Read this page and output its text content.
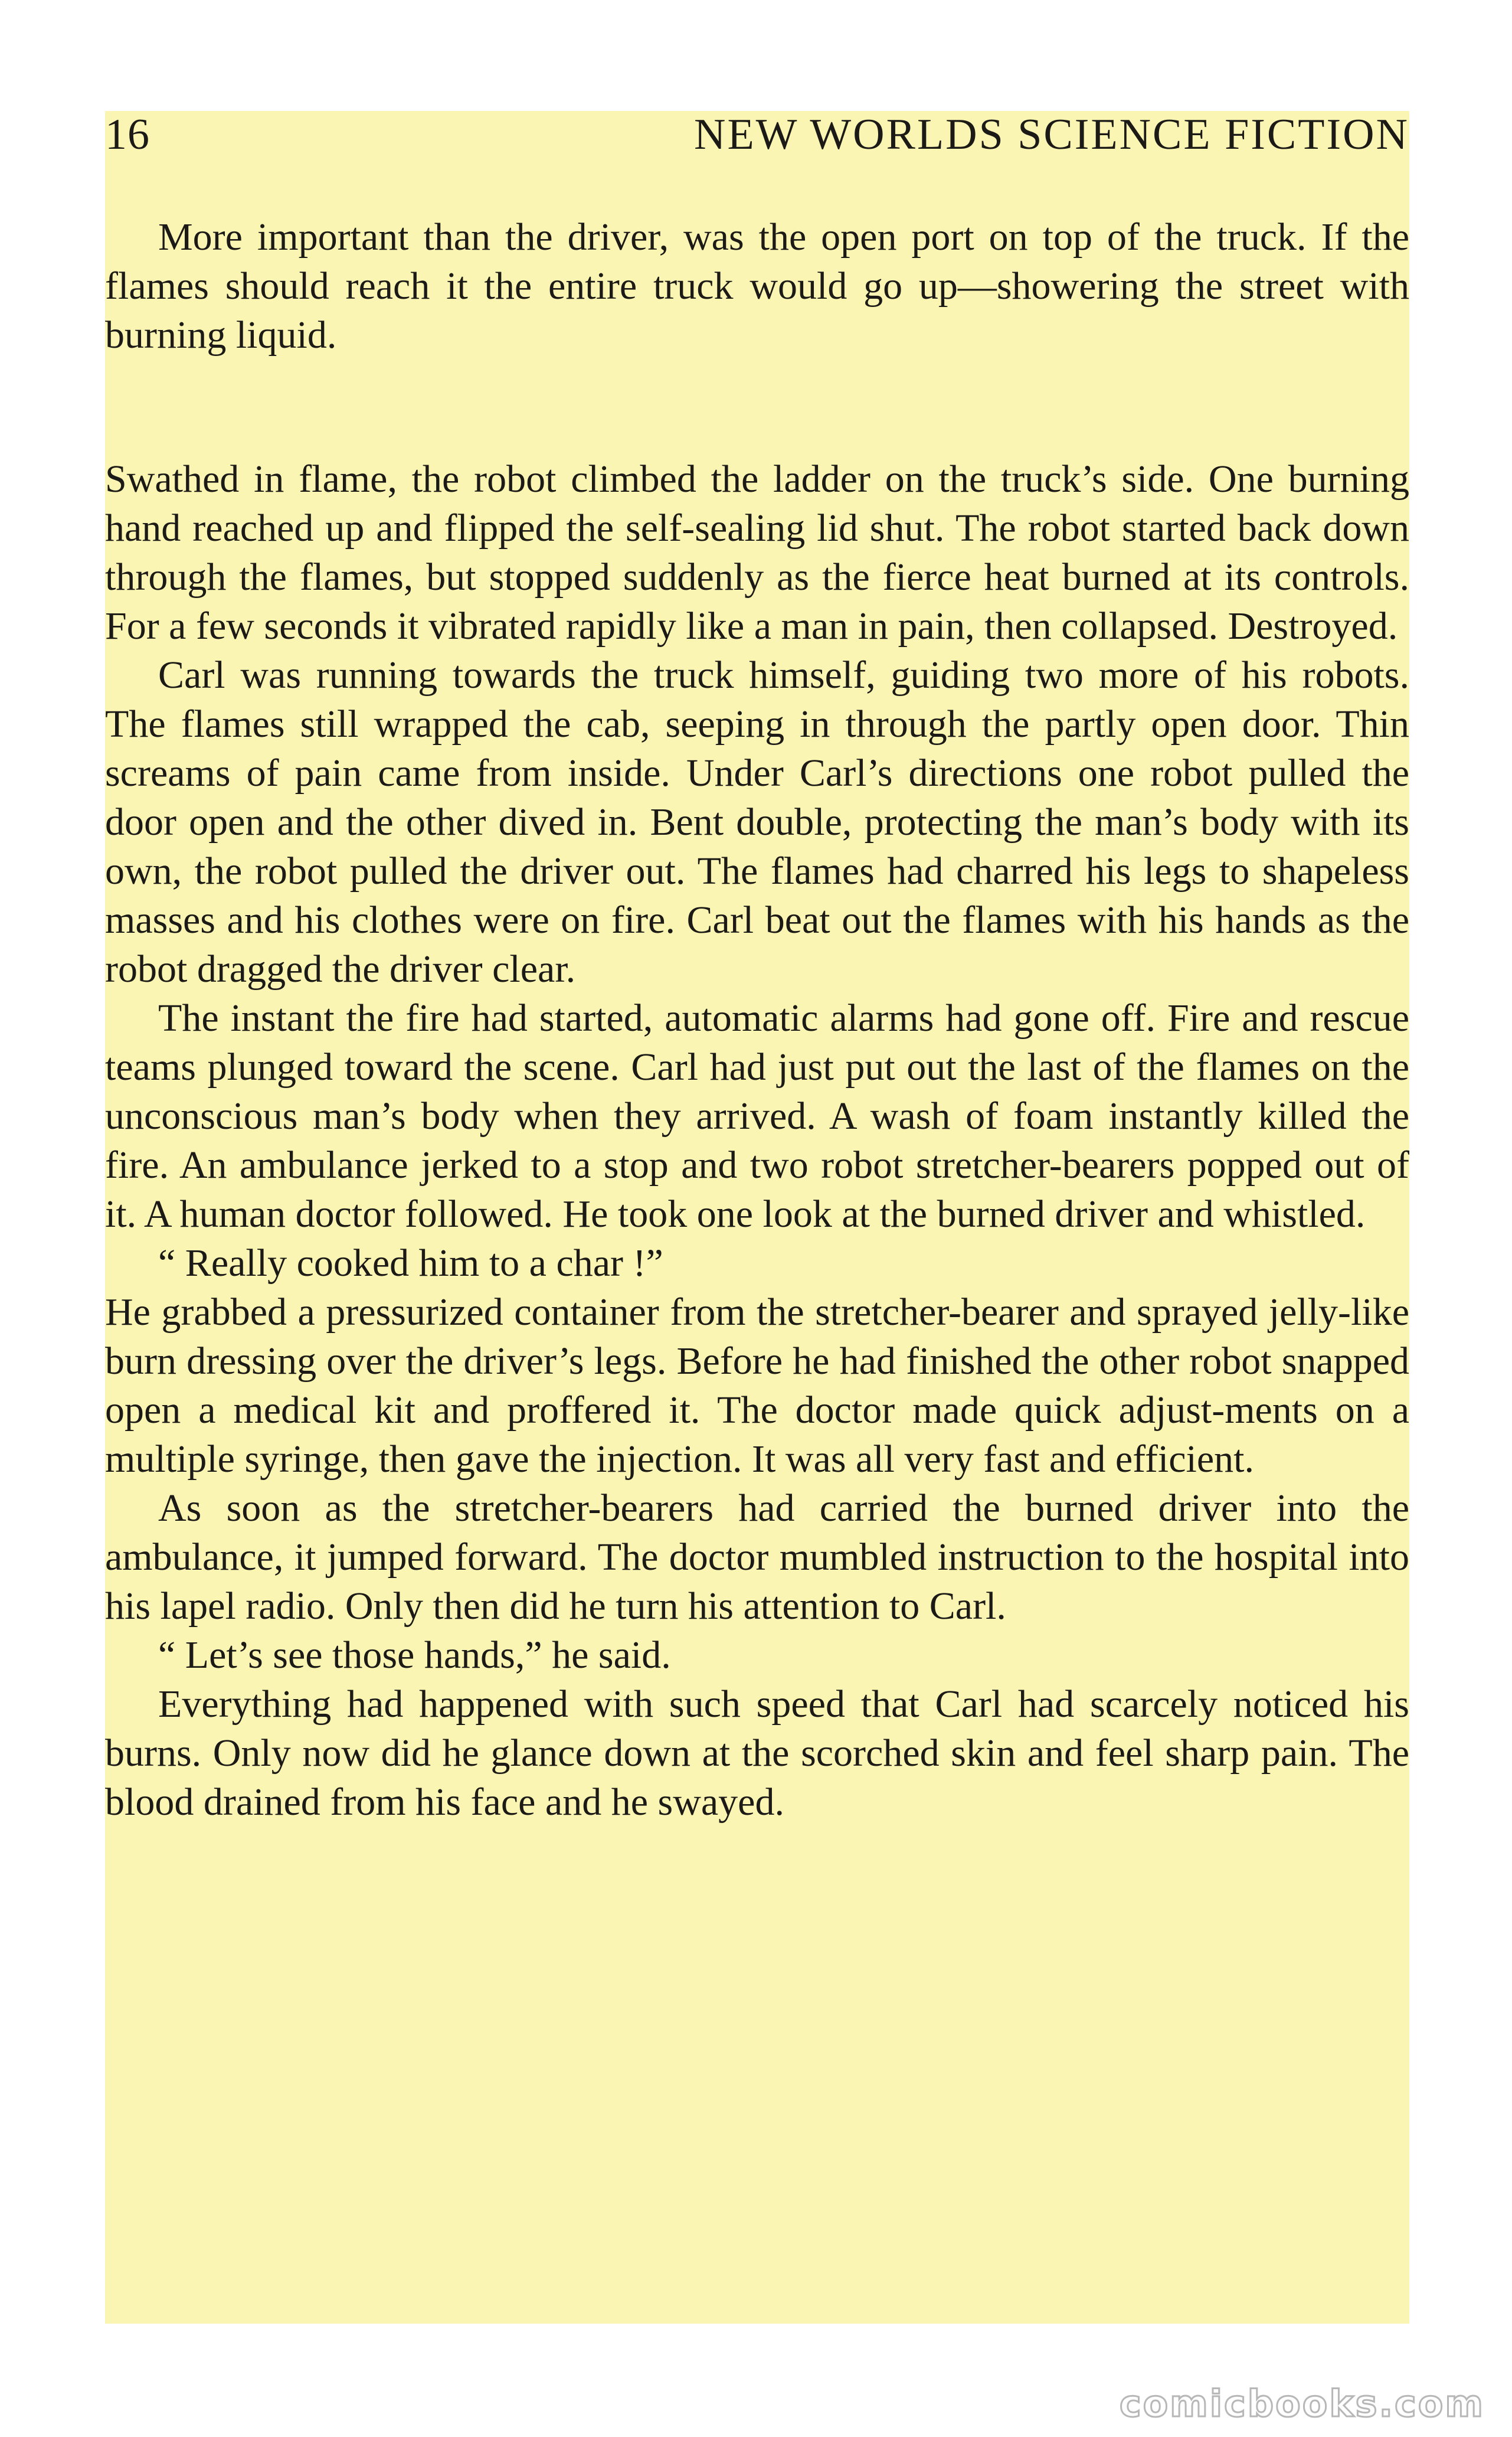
16	NEW WORLDS SCIENCE FICTION

More important than the driver, was the open port on top of the truck. If the flames should reach it the entire truck would go up—showering the street with burning liquid.

Swathed in flame, the robot climbed the ladder on the truck’s side. One burning hand reached up and flipped the self-sealing lid shut. The robot started back down through the flames, but stopped suddenly as the fierce heat burned at its controls. For a few seconds it vibrated rapidly like a man in pain, then collapsed. Destroyed.

Carl was running towards the truck himself, guiding two more of his robots. The flames still wrapped the cab, seeping in through the partly open door. Thin screams of pain came from inside. Under Carl’s directions one robot pulled the door open and the other dived in. Bent double, protecting the man’s body with its own, the robot pulled the driver out. The flames had charred his legs to shapeless masses and his clothes were on fire. Carl beat out the flames with his hands as the robot dragged the driver clear.

The instant the fire had started, automatic alarms had gone off. Fire and rescue teams plunged toward the scene. Carl had just put out the last of the flames on the unconscious man’s body when they arrived. A wash of foam instantly killed the fire. An ambulance jerked to a stop and two robot stretcher-bearers popped out of it. A human doctor followed. He took one look at the burned driver and whistled.

“ Really cooked him to a char !”

He grabbed a pressurized container from the stretcher-bearer and sprayed jelly-like burn dressing over the driver’s legs. Before he had finished the other robot snapped open a medical kit and proffered it. The doctor made quick adjust-ments on a multiple syringe, then gave the injection. It was all very fast and efficient.

As soon as the stretcher-bearers had carried the burned driver into the ambulance, it jumped forward. The doctor mumbled instruction to the hospital into his lapel radio. Only then did he turn his attention to Carl.

“ Let’s see those hands,” he said.

Everything had happened with such speed that Carl had scarcely noticed his burns. Only now did he glance down at the scorched skin and feel sharp pain. The blood drained from his face and he swayed.

comicbooks.com
